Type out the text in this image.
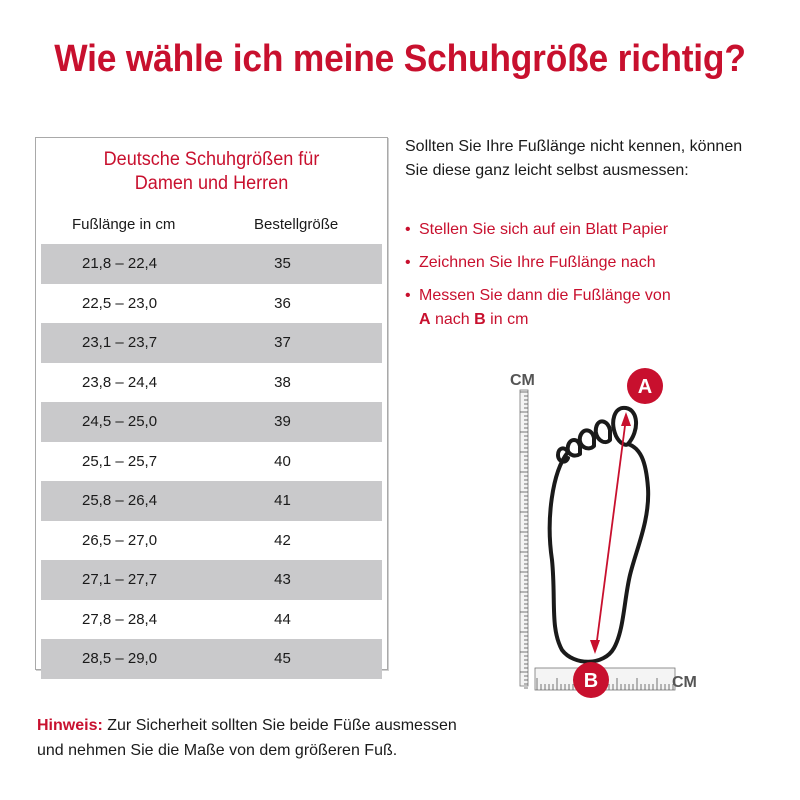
Wie wähle ich meine Schuhgröße richtig?
Deutsche Schuhgrößen für
Damen und Herren
Fußlänge in cm	Bestellgröße
21,8 – 22,4	35
22,5 – 23,0	36
23,1 – 23,7	37
23,8 – 24,4	38
24,5 – 25,0	39
25,1 – 25,7	40
25,8 – 26,4	41
26,5 – 27,0	42
27,1 – 27,7	43
27,8 – 28,4	44
28,5 – 29,0	45
Sollten Sie Ihre Fußlänge nicht kennen, können
Sie diese ganz leicht selbst ausmessen:
• Stellen Sie sich auf ein Blatt Papier
• Zeichnen Sie Ihre Fußlänge nach
• Messen Sie dann die Fußlänge von
A nach B in cm
CM
CM
A
B
Hinweis: Zur Sicherheit sollten Sie beide Füße ausmessen
und nehmen Sie die Maße von dem größeren Fuß.
